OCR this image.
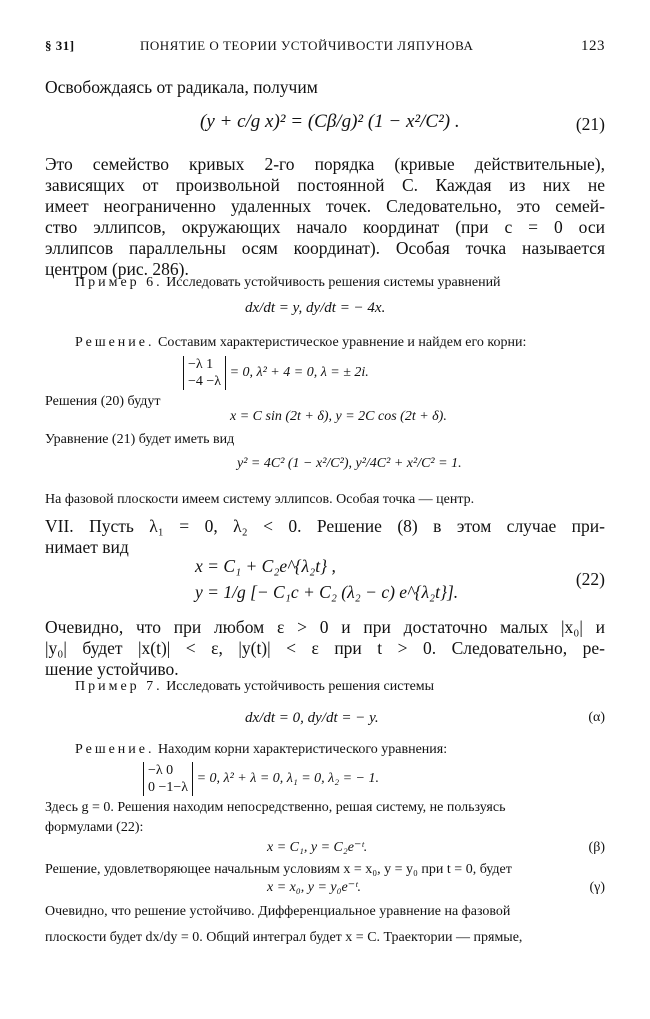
§ 31]	ПОНЯТИЕ О ТЕОРИИ УСТОЙЧИВОСТИ ЛЯПУНОВА	123
Освобождаясь от радикала, получим
(y + c/g x)² = (Cβ/g)² (1 − x²/C²) .	(21)
Это семейство кривых 2-го порядка (кривые действительные),
зависящих от произвольной постоянной C. Каждая из них не
имеет неограниченно удаленных точек. Следовательно, это семей-
ство эллипсов, окружающих начало координат (при c = 0 оси
эллипсов параллельны осям координат). Особая точка называется
центром (рис. 286).
Пример 6. Исследовать устойчивость решения системы уравнений
dx/dt = y, dy/dt = − 4x.
Решение. Составим характеристическое уравнение и найдем его корни:
−λ 1
−4 −λ
= 0, λ² + 4 = 0, λ = ± 2i.
Решения (20) будут
x = C sin (2t + δ), y = 2C cos (2t + δ).
Уравнение (21) будет иметь вид
y² = 4C² (1 − x²/C²), y²/4C² + x²/C² = 1.
На фазовой плоскости имеем систему эллипсов. Особая точка — центр.
VII. Пусть λ₁ = 0, λ₂ < 0. Решение (8) в этом случае при-
нимает вид
x = C₁ + C₂e^{λ₂t} ,
y = 1/g [− C₁c + C₂ (λ₂ − c) e^{λ₂t}].
(22)
Очевидно, что при любом ε > 0 и при достаточно малых |x₀| и
|y₀| будет |x(t)| < ε, |y(t)| < ε при t > 0. Следовательно, ре-
шение устойчиво.
Пример 7. Исследовать устойчивость решения системы
dx/dt = 0, dy/dt = − y.	(α)
Решение. Находим корни характеристического уравнения:
−λ 0
0 −1−λ
= 0, λ² + λ = 0, λ₁ = 0, λ₂ = − 1.
Здесь g = 0. Решения находим непосредственно, решая систему, не пользуясь
формулами (22):
x = C₁, y = C₂e⁻ᵗ.	(β)
Решение, удовлетворяющее начальным условиям x = x₀, y = y₀ при t = 0, будет
x = x₀, y = y₀e⁻ᵗ.	(γ)
Очевидно, что решение устойчиво. Дифференциальное уравнение на фазовой
плоскости будет dx/dy = 0. Общий интеграл будет x = C. Траектории — прямые,
